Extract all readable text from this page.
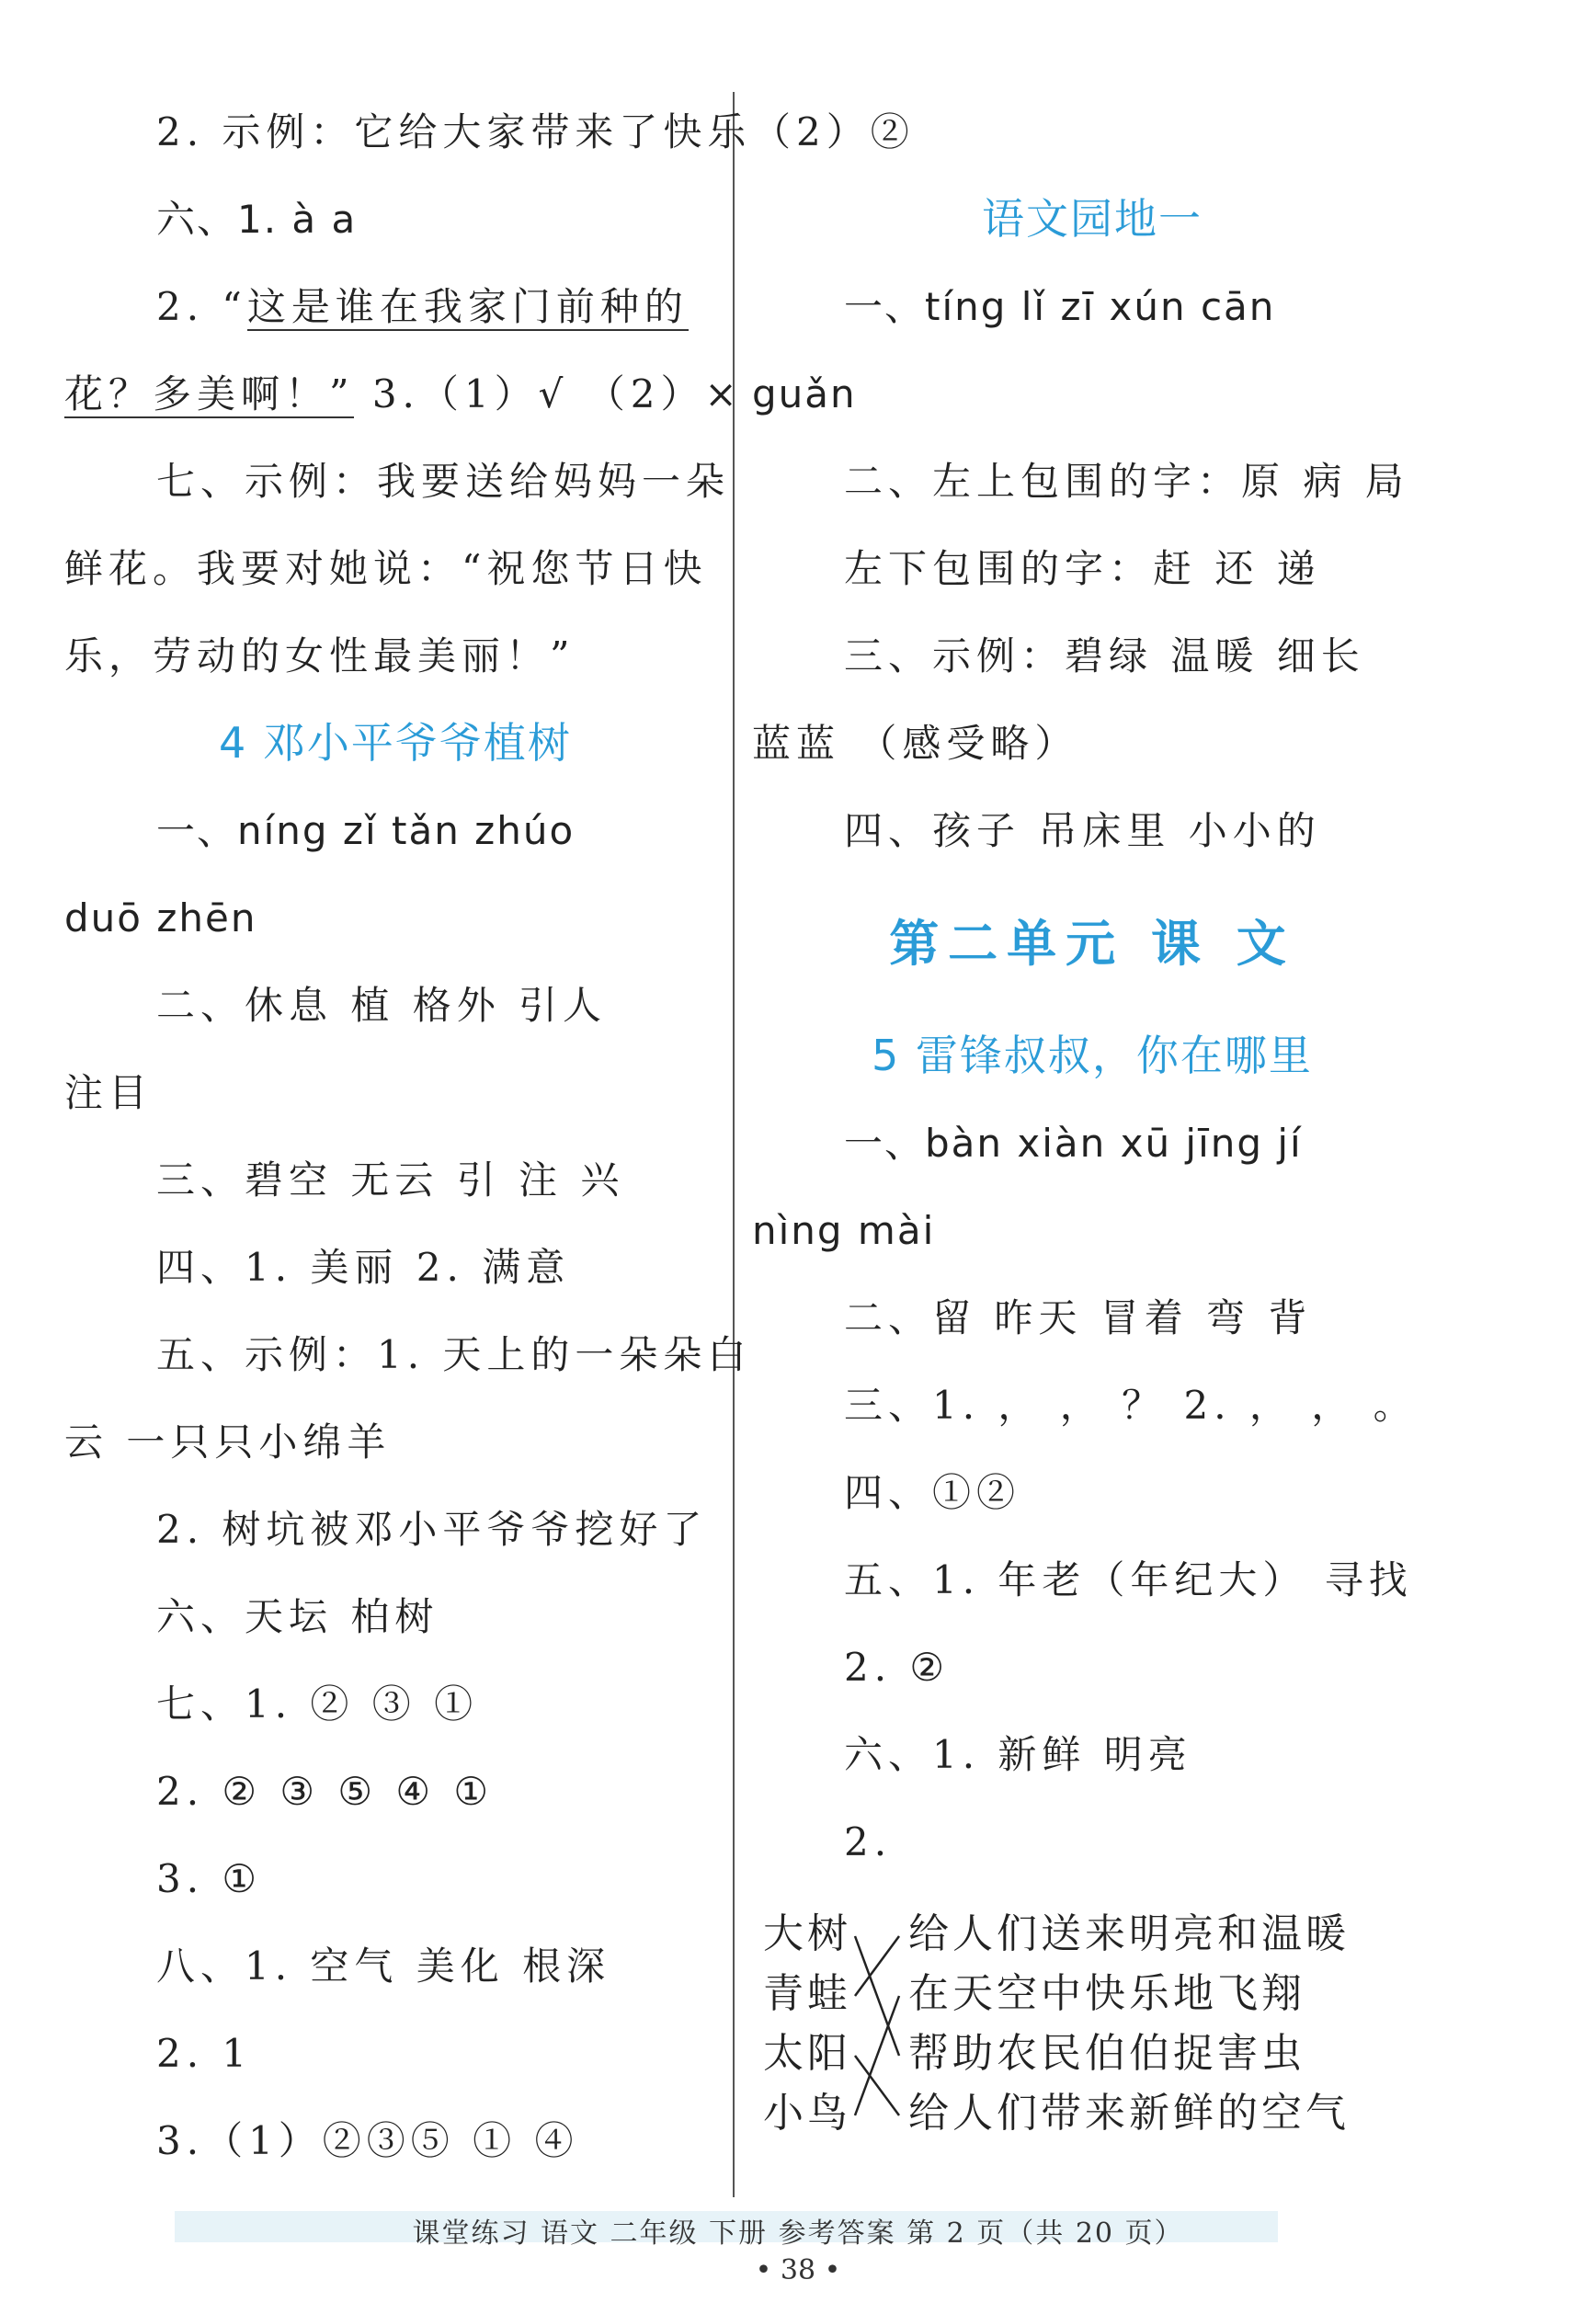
2. 示例：它给大家带来了快乐
六、1. à a
2. “这是谁在我家门前种的
花？多美啊！” 3.（1）√ （2）×
七、示例：我要送给妈妈一朵
鲜花。我要对她说：“祝您节日快
乐，劳动的女性最美丽！”
4 邓小平爷爷植树
一、níng zǐ tǎn zhúo
duō zhēn
二、休息 植 格外 引人
注目
三、碧空 无云 引 注 兴
四、1. 美丽 2. 满意
五、示例：1. 天上的一朵朵白
云 一只只小绵羊
2. 树坑被邓小平爷爷挖好了
六、天坛 柏树
七、1. ② ③ ①
2. ② ③ ⑤ ④ ①
3. ①
八、1. 空气 美化 根深
2. 1
3.（1）②③⑤ ① ④
（2）②
语文园地一
一、tíng lǐ zī xún cān
guǎn
二、左上包围的字：原 病 局
左下包围的字：赶 还 递
三、示例：碧绿 温暖 细长
蓝蓝 （感受略）
四、孩子 吊床里 小小的
第二单元 课 文
5 雷锋叔叔，你在哪里
一、bàn xiàn xū jīng jí
nìng mài
二、留 昨天 冒着 弯 背
三、1. ， ， ？ 2. ， ， 。
四、①②
五、1. 年老（年纪大） 寻找
2. ②
六、1. 新鲜 明亮
2.
大树
青蛙
太阳
小鸟
给人们送来明亮和温暖
在天空中快乐地飞翔
帮助农民伯伯捉害虫
给人们带来新鲜的空气
课堂练习 语文 二年级 下册 参考答案 第 2 页（共 20 页）
• 38 •
